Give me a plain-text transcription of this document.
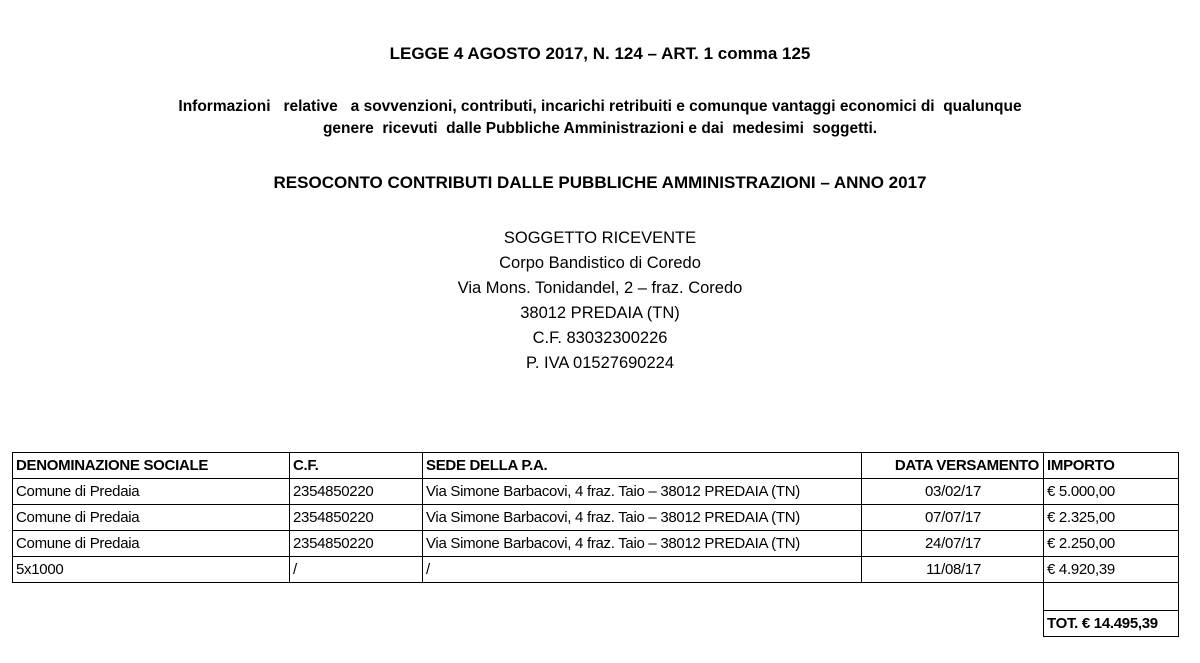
LEGGE 4 AGOSTO 2017, N. 124 – ART. 1 comma 125
Informazioni   relative   a sovvenzioni, contributi, incarichi retribuiti e comunque vantaggi economici di  qualunque
genere  ricevuti  dalle Pubbliche Amministrazioni e dai  medesimi  soggetti.
RESOCONTO CONTRIBUTI DALLE PUBBLICHE AMMINISTRAZIONI – ANNO 2017
SOGGETTO RICEVENTE
Corpo Bandistico di Coredo
Via Mons. Tonidandel, 2 – fraz. Coredo
38012 PREDAIA (TN)
C.F. 83032300226
P. IVA 01527690224
DENOMINAZIONE SOCIALE	C.F.	SEDE DELLA P.A.	DATA VERSAMENTO	IMPORTO
Comune di Predaia	2354850220	Via Simone Barbacovi, 4 fraz. Taio – 38012 PREDAIA (TN)	03/02/17	€ 5.000,00
Comune di Predaia	2354850220	Via Simone Barbacovi, 4 fraz. Taio – 38012 PREDAIA (TN)	07/07/17	€ 2.325,00
Comune di Predaia	2354850220	Via Simone Barbacovi, 4 fraz. Taio – 38012 PREDAIA (TN)	24/07/17	€ 2.250,00
5x1000	/	/	11/08/17	€ 4.920,39

				TOT. € 14.495,39
